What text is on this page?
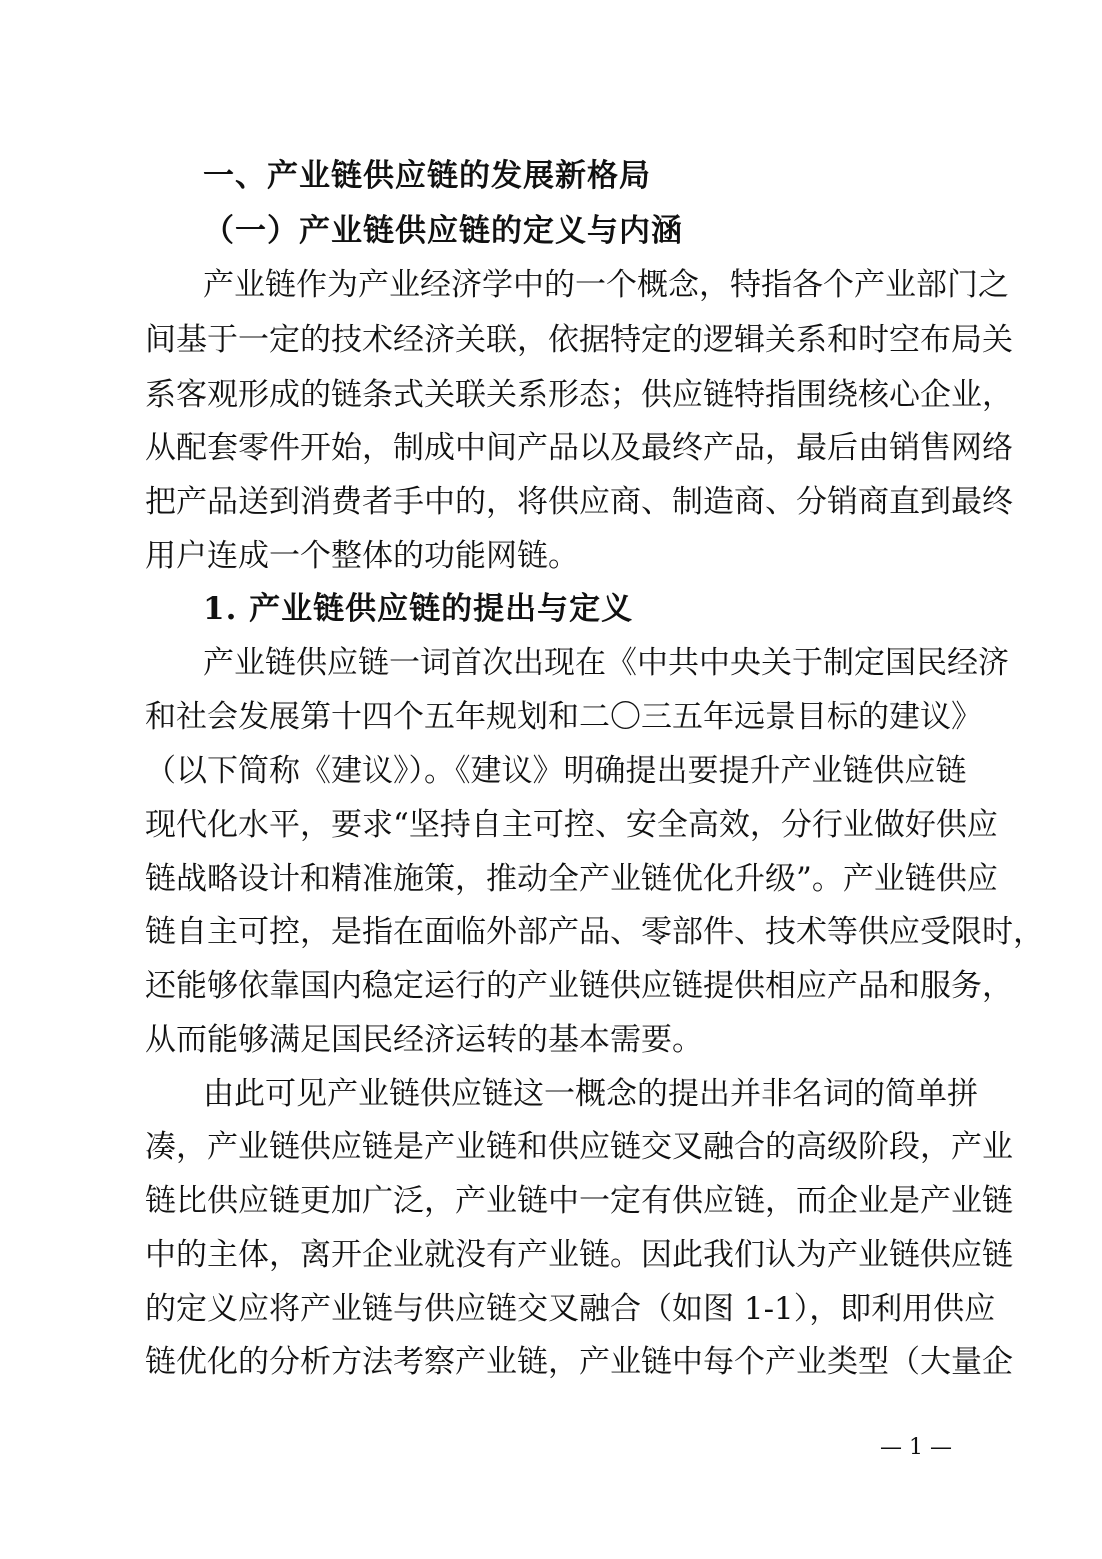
一、产业链供应链的发展新格局
（一）产业链供应链的定义与内涵
产业链作为产业经济学中的一个概念，特指各个产业部门之
间基于一定的技术经济关联，依据特定的逻辑关系和时空布局关
系客观形成的链条式关联关系形态；供应链特指围绕核心企业，
从配套零件开始，制成中间产品以及最终产品，最后由销售网络
把产品送到消费者手中的，将供应商、制造商、分销商直到最终
用户连成一个整体的功能网链。
1. 产业链供应链的提出与定义
产业链供应链一词首次出现在《中共中央关于制定国民经济
和社会发展第十四个五年规划和二〇三五年远景目标的建议》
（以下简称《建议》）。《建议》明确提出要提升产业链供应链
现代化水平，要求“坚持自主可控、安全高效，分行业做好供应
链战略设计和精准施策，推动全产业链优化升级”。产业链供应
链自主可控，是指在面临外部产品、零部件、技术等供应受限时，
还能够依靠国内稳定运行的产业链供应链提供相应产品和服务，
从而能够满足国民经济运转的基本需要。
由此可见产业链供应链这一概念的提出并非名词的简单拼
凑，产业链供应链是产业链和供应链交叉融合的高级阶段，产业
链比供应链更加广泛，产业链中一定有供应链，而企业是产业链
中的主体，离开企业就没有产业链。因此我们认为产业链供应链
的定义应将产业链与供应链交叉融合（如图 1-1），即利用供应
链优化的分析方法考察产业链，产业链中每个产业类型（大量企
— 1 —
